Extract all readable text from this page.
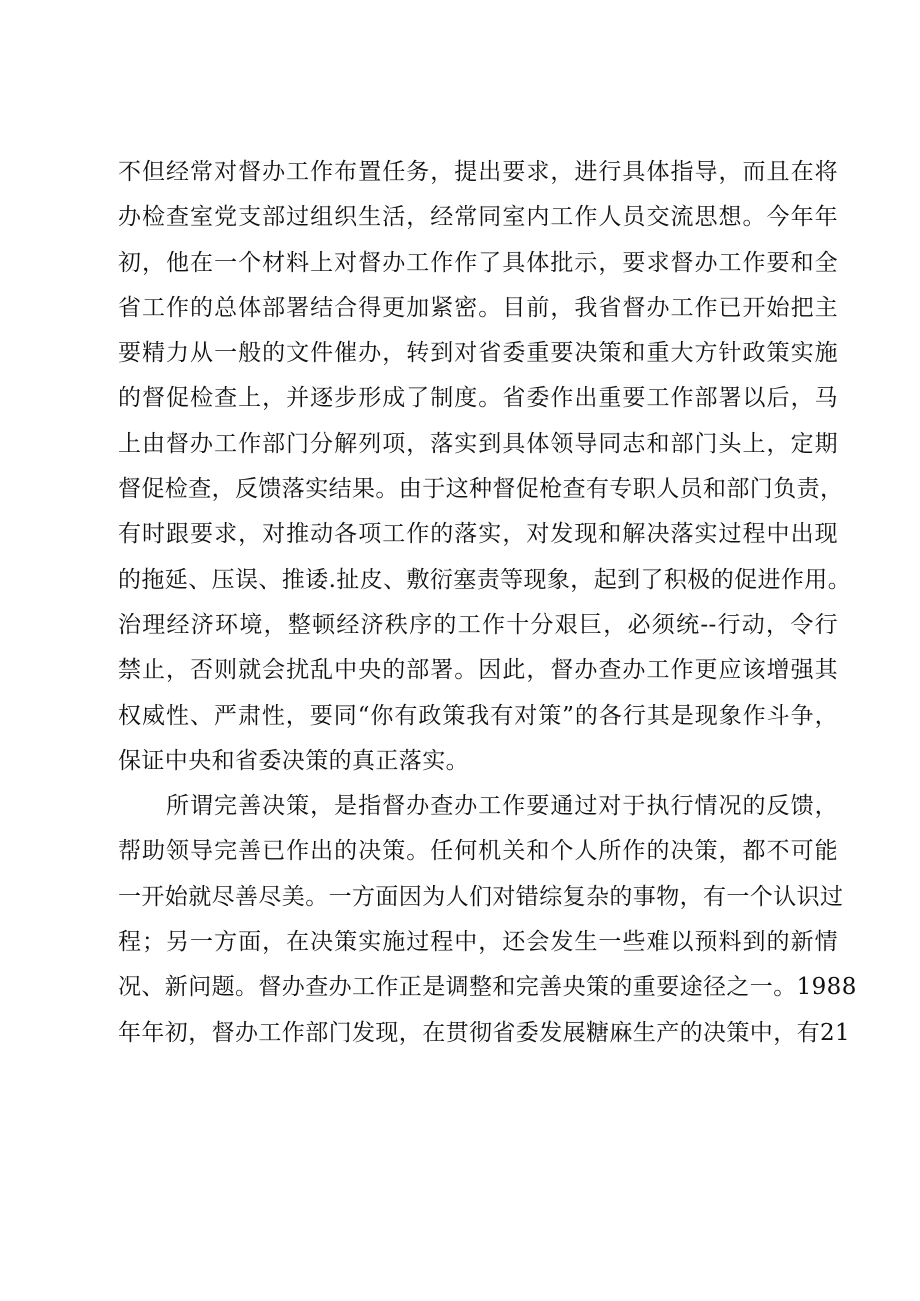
不但经常对督办工作布置任务，提出要求，进行具体指导，而且在将
办检查室党支部过组织生活，经常同室内工作人员交流思想。今年年
初，他在一个材料上对督办工作作了具体批示，要求督办工作要和全
省工作的总体部署结合得更加紧密。目前，我省督办工作已开始把主
要精力从一般的文件催办，转到对省委重要决策和重大方针政策实施
的督促检查上，并逐步形成了制度。省委作出重要工作部署以后，马
上由督办工作部门分解列项，落实到具体领导同志和部门头上，定期
督促检查，反馈落实结果。由于这种督促枪查有专职人员和部门负责，
有时跟要求，对推动各项工作的落实，对发现和解决落实过程中出现
的拖延、压误、推诿.扯皮、敷衍塞责等现象，起到了积极的促进作用。
治理经济环境，整顿经济秩序的工作十分艰巨，必须统--行动，令行
禁止，否则就会扰乱中央的部署。因此，督办查办工作更应该增强其
权威性、严肃性，要同“你有政策我有对策”的各行其是现象作斗争，
保证中央和省委决策的真正落实。
所谓完善决策，是指督办查办工作要通过对于执行情况的反馈，
帮助领导完善已作出的决策。任何机关和个人所作的决策，都不可能
一开始就尽善尽美。一方面因为人们对错综复杂的事物，有一个认识过
程；另一方面，在决策实施过程中，还会发生一些难以预料到的新情
况、新问题。督办查办工作正是调整和完善央策的重要途径之一。1988
年年初，督办工作部门发现，在贯彻省委发展糖麻生产的决策中，有21
